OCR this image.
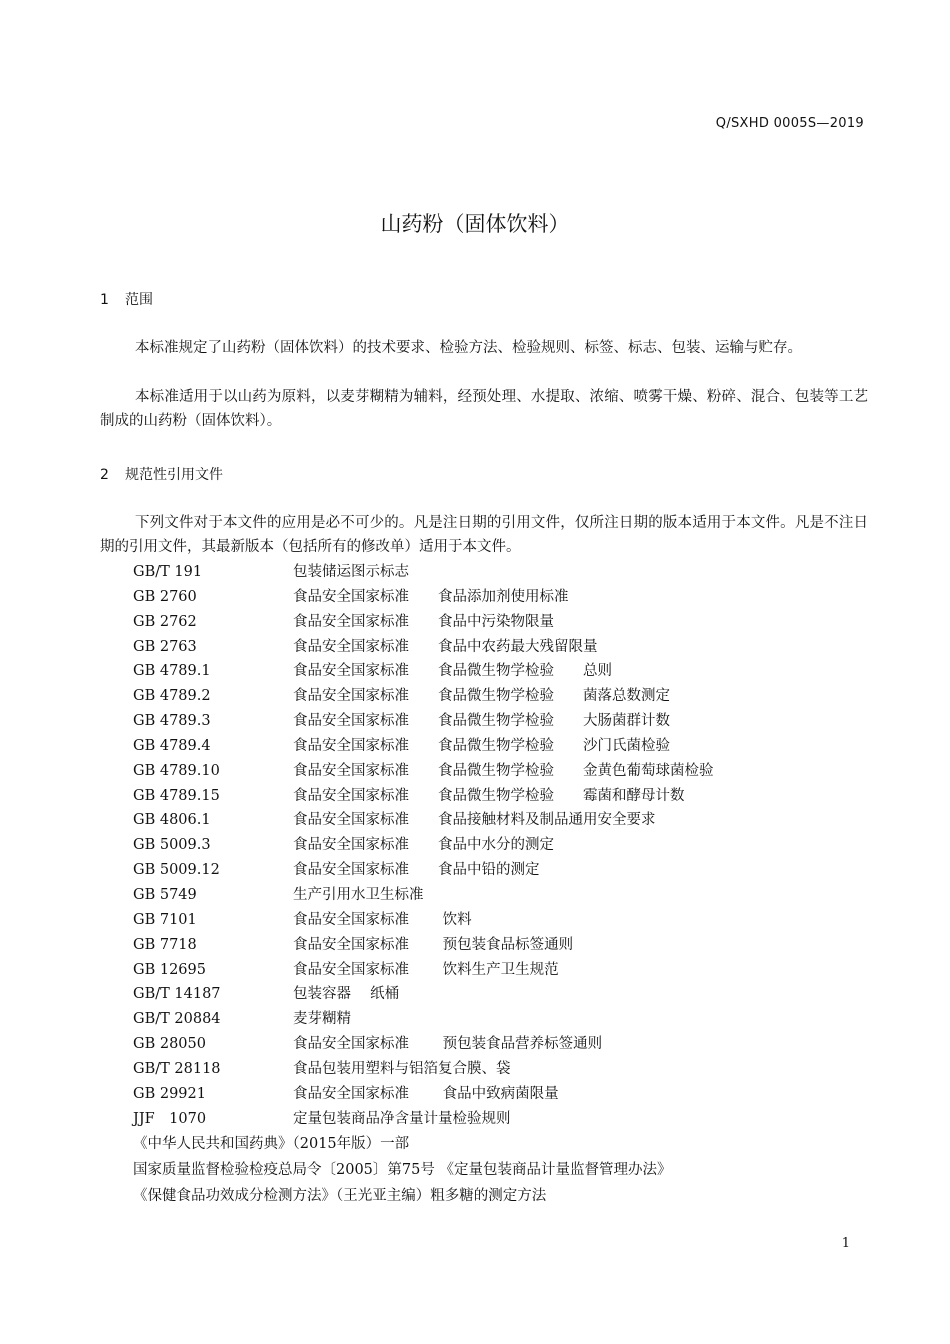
Q/SXHD 0005S—2019
山药粉（固体饮料）
1 范围
本标准规定了山药粉（固体饮料）的技术要求、检验方法、检验规则、标签、标志、包装、运输与贮存。
本标准适用于以山药为原料，以麦芽糊精为辅料，经预处理、水提取、浓缩、喷雾干燥、粉碎、混合、包装等工艺制成的山药粉（固体饮料）。
2 规范性引用文件
下列文件对于本文件的应用是必不可少的。凡是注日期的引用文件，仅所注日期的版本适用于本文件。凡是不注日期的引用文件，其最新版本（包括所有的修改单）适用于本文件。
GB/T 191	包装储运图示标志
GB 2760	食品安全国家标准　　食品添加剂使用标准
GB 2762	食品安全国家标准　　食品中污染物限量
GB 2763	食品安全国家标准　　食品中农药最大残留限量
GB 4789.1	食品安全国家标准　　食品微生物学检验　　总则
GB 4789.2	食品安全国家标准　　食品微生物学检验　　菌落总数测定
GB 4789.3	食品安全国家标准　　食品微生物学检验　　大肠菌群计数
GB 4789.4	食品安全国家标准　　食品微生物学检验　　沙门氏菌检验
GB 4789.10	食品安全国家标准　　食品微生物学检验　　金黄色葡萄球菌检验
GB 4789.15	食品安全国家标准　　食品微生物学检验　　霉菌和酵母计数
GB 4806.1	食品安全国家标准　　食品接触材料及制品通用安全要求
GB 5009.3	食品安全国家标准　　食品中水分的测定
GB 5009.12	食品安全国家标准　　食品中铅的测定
GB 5749	生产引用水卫生标准
GB 7101	食品安全国家标准　　 饮料
GB 7718	食品安全国家标准　　 预包装食品标签通则
GB 12695	食品安全国家标准　　 饮料生产卫生规范
GB/T 14187	包装容器　 纸桶
GB/T 20884	麦芽糊精
GB 28050	食品安全国家标准　　 预包装食品营养标签通则
GB/T 28118	食品包装用塑料与铝箔复合膜、袋
GB 29921	食品安全国家标准　　 食品中致病菌限量
JJF　1070	定量包装商品净含量计量检验规则
《中华人民共和国药典》（2015年版）一部
国家质量监督检验检疫总局令〔2005〕第75号 《定量包装商品计量监督管理办法》
《保健食品功效成分检测方法》（王光亚主编）粗多糖的测定方法
1
